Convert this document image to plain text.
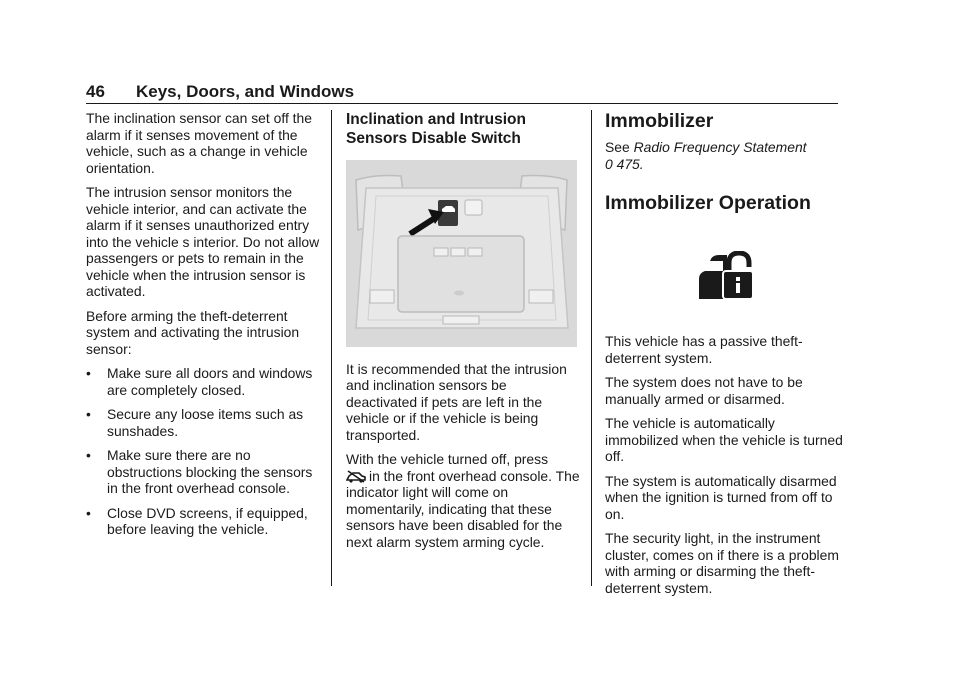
46 Keys, Doors, and Windows

The inclination sensor can set off the alarm if it senses movement of the vehicle, such as a change in vehicle orientation.

The intrusion sensor monitors the vehicle interior, and can activate the alarm if it senses unauthorized entry into the vehicle s interior. Do not allow passengers or pets to remain in the vehicle when the intrusion sensor is activated.

Before arming the theft-deterrent system and activating the intrusion sensor:

• Make sure all doors and windows are completely closed.
• Secure any loose items such as sunshades.
• Make sure there are no obstructions blocking the sensors in the front overhead console.
• Close DVD screens, if equipped, before leaving the vehicle.
Inclination and Intrusion Sensors Disable Switch

It is recommended that the intrusion and inclination sensors be deactivated if pets are left in the vehicle or if the vehicle is being transported.

With the vehicle turned off, press
in the front overhead console. The indicator light will come on momentarily, indicating that these sensors have been disabled for the next alarm system arming cycle.

Immobilizer

See Radio Frequency Statement
0 475.

Immobilizer Operation

This vehicle has a passive theft-deterrent system.

The system does not have to be manually armed or disarmed.

The vehicle is automatically immobilized when the vehicle is turned off.

The system is automatically disarmed when the ignition is turned from off to on.

The security light, in the instrument cluster, comes on if there is a problem with arming or disarming the theft-deterrent system.
